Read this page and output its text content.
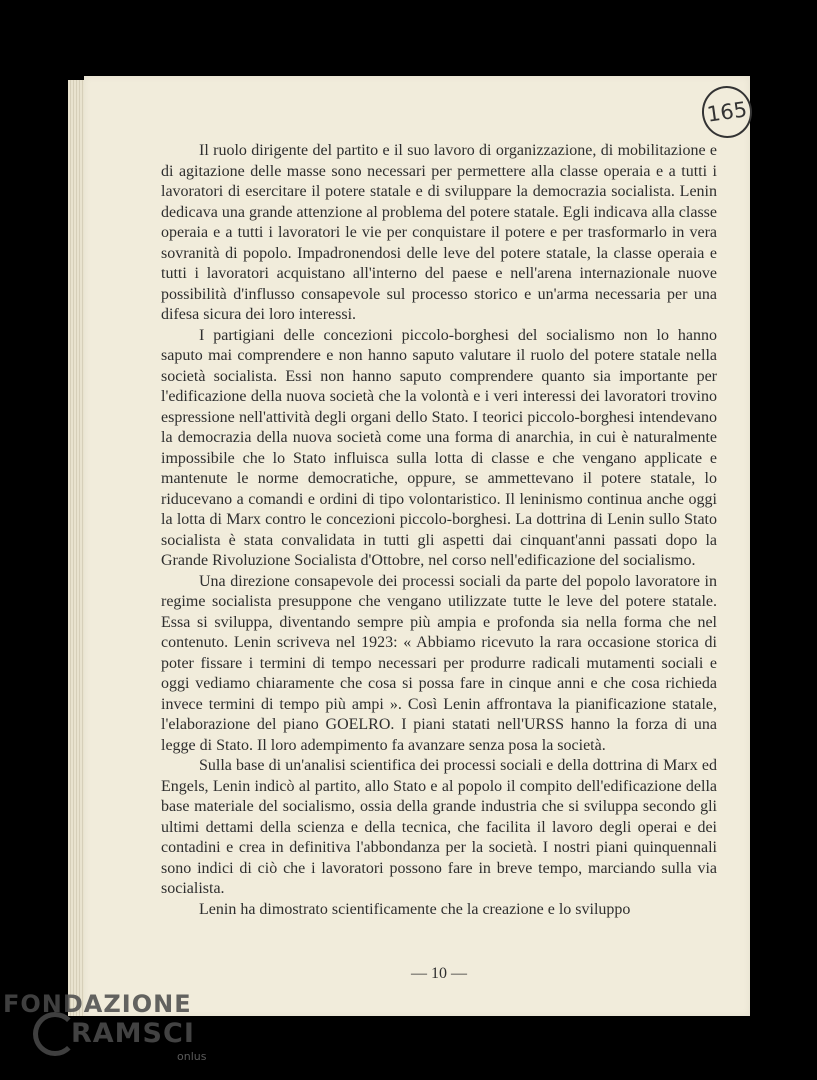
165

Il ruolo dirigente del partito e il suo lavoro di organizzazione, di mobilitazione e di agitazione delle masse sono necessari per permettere alla classe operaia e a tutti i lavoratori di esercitare il potere statale e di sviluppare la democrazia socialista. Lenin dedicava una grande attenzione al problema del potere statale. Egli indicava alla classe operaia e a tutti i lavoratori le vie per conquistare il potere e per trasformarlo in vera sovranità di popolo. Impadronendosi delle leve del potere statale, la classe operaia e tutti i lavoratori acquistano all'interno del paese e nell'arena internazionale nuove possibilità d'influsso consapevole sul processo storico e un'arma necessaria per una difesa sicura dei loro interessi.

I partigiani delle concezioni piccolo-borghesi del socialismo non lo hanno saputo mai comprendere e non hanno saputo valutare il ruolo del potere statale nella società socialista. Essi non hanno saputo comprendere quanto sia importante per l'edificazione della nuova società che la volontà e i veri interessi dei lavoratori trovino espressione nell'attività degli organi dello Stato. I teorici piccolo-borghesi intendevano la democrazia della nuova società come una forma di anarchia, in cui è naturalmente impossibile che lo Stato influisca sulla lotta di classe e che vengano applicate e mantenute le norme democratiche, oppure, se ammettevano il potere statale, lo riducevano a comandi e ordini di tipo volontaristico. Il leninismo continua anche oggi la lotta di Marx contro le concezioni piccolo-borghesi. La dottrina di Lenin sullo Stato socialista è stata convalidata in tutti gli aspetti dai cinquant'anni passati dopo la Grande Rivoluzione Socialista d'Ottobre, nel corso nell'edificazione del socialismo.

Una direzione consapevole dei processi sociali da parte del popolo lavoratore in regime socialista presuppone che vengano utilizzate tutte le leve del potere statale. Essa si sviluppa, diventando sempre più ampia e profonda sia nella forma che nel contenuto. Lenin scriveva nel 1923: « Abbiamo ricevuto la rara occasione storica di poter fissare i termini di tempo necessari per produrre radicali mutamenti sociali e oggi vediamo chiaramente che cosa si possa fare in cinque anni e che cosa richieda invece termini di tempo più ampi ». Così Lenin affrontava la pianificazione statale, l'elaborazione del piano GOELRO. I piani statati nell'URSS hanno la forza di una legge di Stato. Il loro adempimento fa avanzare senza posa la società.

Sulla base di un'analisi scientifica dei processi sociali e della dottrina di Marx ed Engels, Lenin indicò al partito, allo Stato e al popolo il compito dell'edificazione della base materiale del socialismo, ossia della grande industria che si sviluppa secondo gli ultimi dettami della scienza e della tecnica, che facilita il lavoro degli operai e dei contadini e crea in definitiva l'abbondanza per la società. I nostri piani quinquennali sono indici di ciò che i lavoratori possono fare in breve tempo, marciando sulla via socialista.

Lenin ha dimostrato scientificamente che la creazione e lo sviluppo

— 10 —
FONDAZIONE
RAMSCI
onlus
